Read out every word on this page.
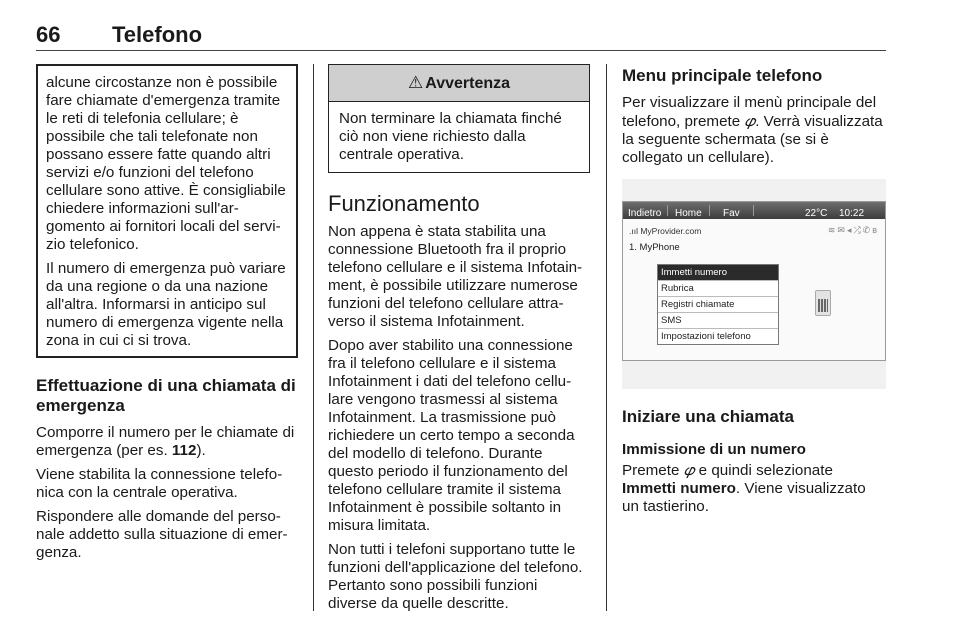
66 Telefono

alcune circostanze non è possibile fare chiamate d'emergenza tramite le reti di telefonia cellulare; è possibile che tali telefonate non possano essere fatte quando altri servizi e/o funzioni del telefono cellulare sono attive. È consigliabile chiedere informazioni sull'argomento ai fornitori locali del servizio telefonico.

Il numero di emergenza può variare da una regione o da una nazione all'altra. Informarsi in anticipo sul numero di emergenza vigente nella zona in cui ci si trova.

Effettuazione di una chiamata di emergenza

Comporre il numero per le chiamate di emergenza (per es. 112).

Viene stabilita la connessione telefonica con la centrale operativa.

Rispondere alle domande del personale addetto sulla situazione di emergenza.

⚠ Avvertenza
Non terminare la chiamata finché ciò non viene richiesto dalla centrale operativa.
Funzionamento

Non appena è stata stabilita una connessione Bluetooth fra il proprio telefono cellulare e il sistema Infotainment, è possibile utilizzare numerose funzioni del telefono cellulare attraverso il sistema Infotainment.

Dopo aver stabilito una connessione fra il telefono cellulare e il sistema Infotainment i dati del telefono cellulare vengono trasmessi al sistema Infotainment. La trasmissione può richiedere un certo tempo a seconda del modello di telefono. Durante questo periodo il funzionamento del telefono cellulare tramite il sistema Infotainment è possibile soltanto in misura limitata.

Non tutti i telefoni supportano tutte le funzioni dell'applicazione del telefono. Pertanto sono possibili funzioni diverse da quelle descritte.

Menu principale telefono

Per visualizzare il menù principale del telefono, premete 𝜑. Verrà visualizzata la seguente schermata (se si è collegato un cellulare).

Indietro Home Fav	22°C 10:22
.ııl MyProvider.com	≋✉◂⤮✆ʙ
1. MyPhone
Immetti numero
Rubrica
Registri chiamate
SMS
Impostazioni telefono
Iniziare una chiamata
Immissione di un numero

Premete 𝜑 e quindi selezionate Immetti numero. Viene visualizzato un tastierino.
